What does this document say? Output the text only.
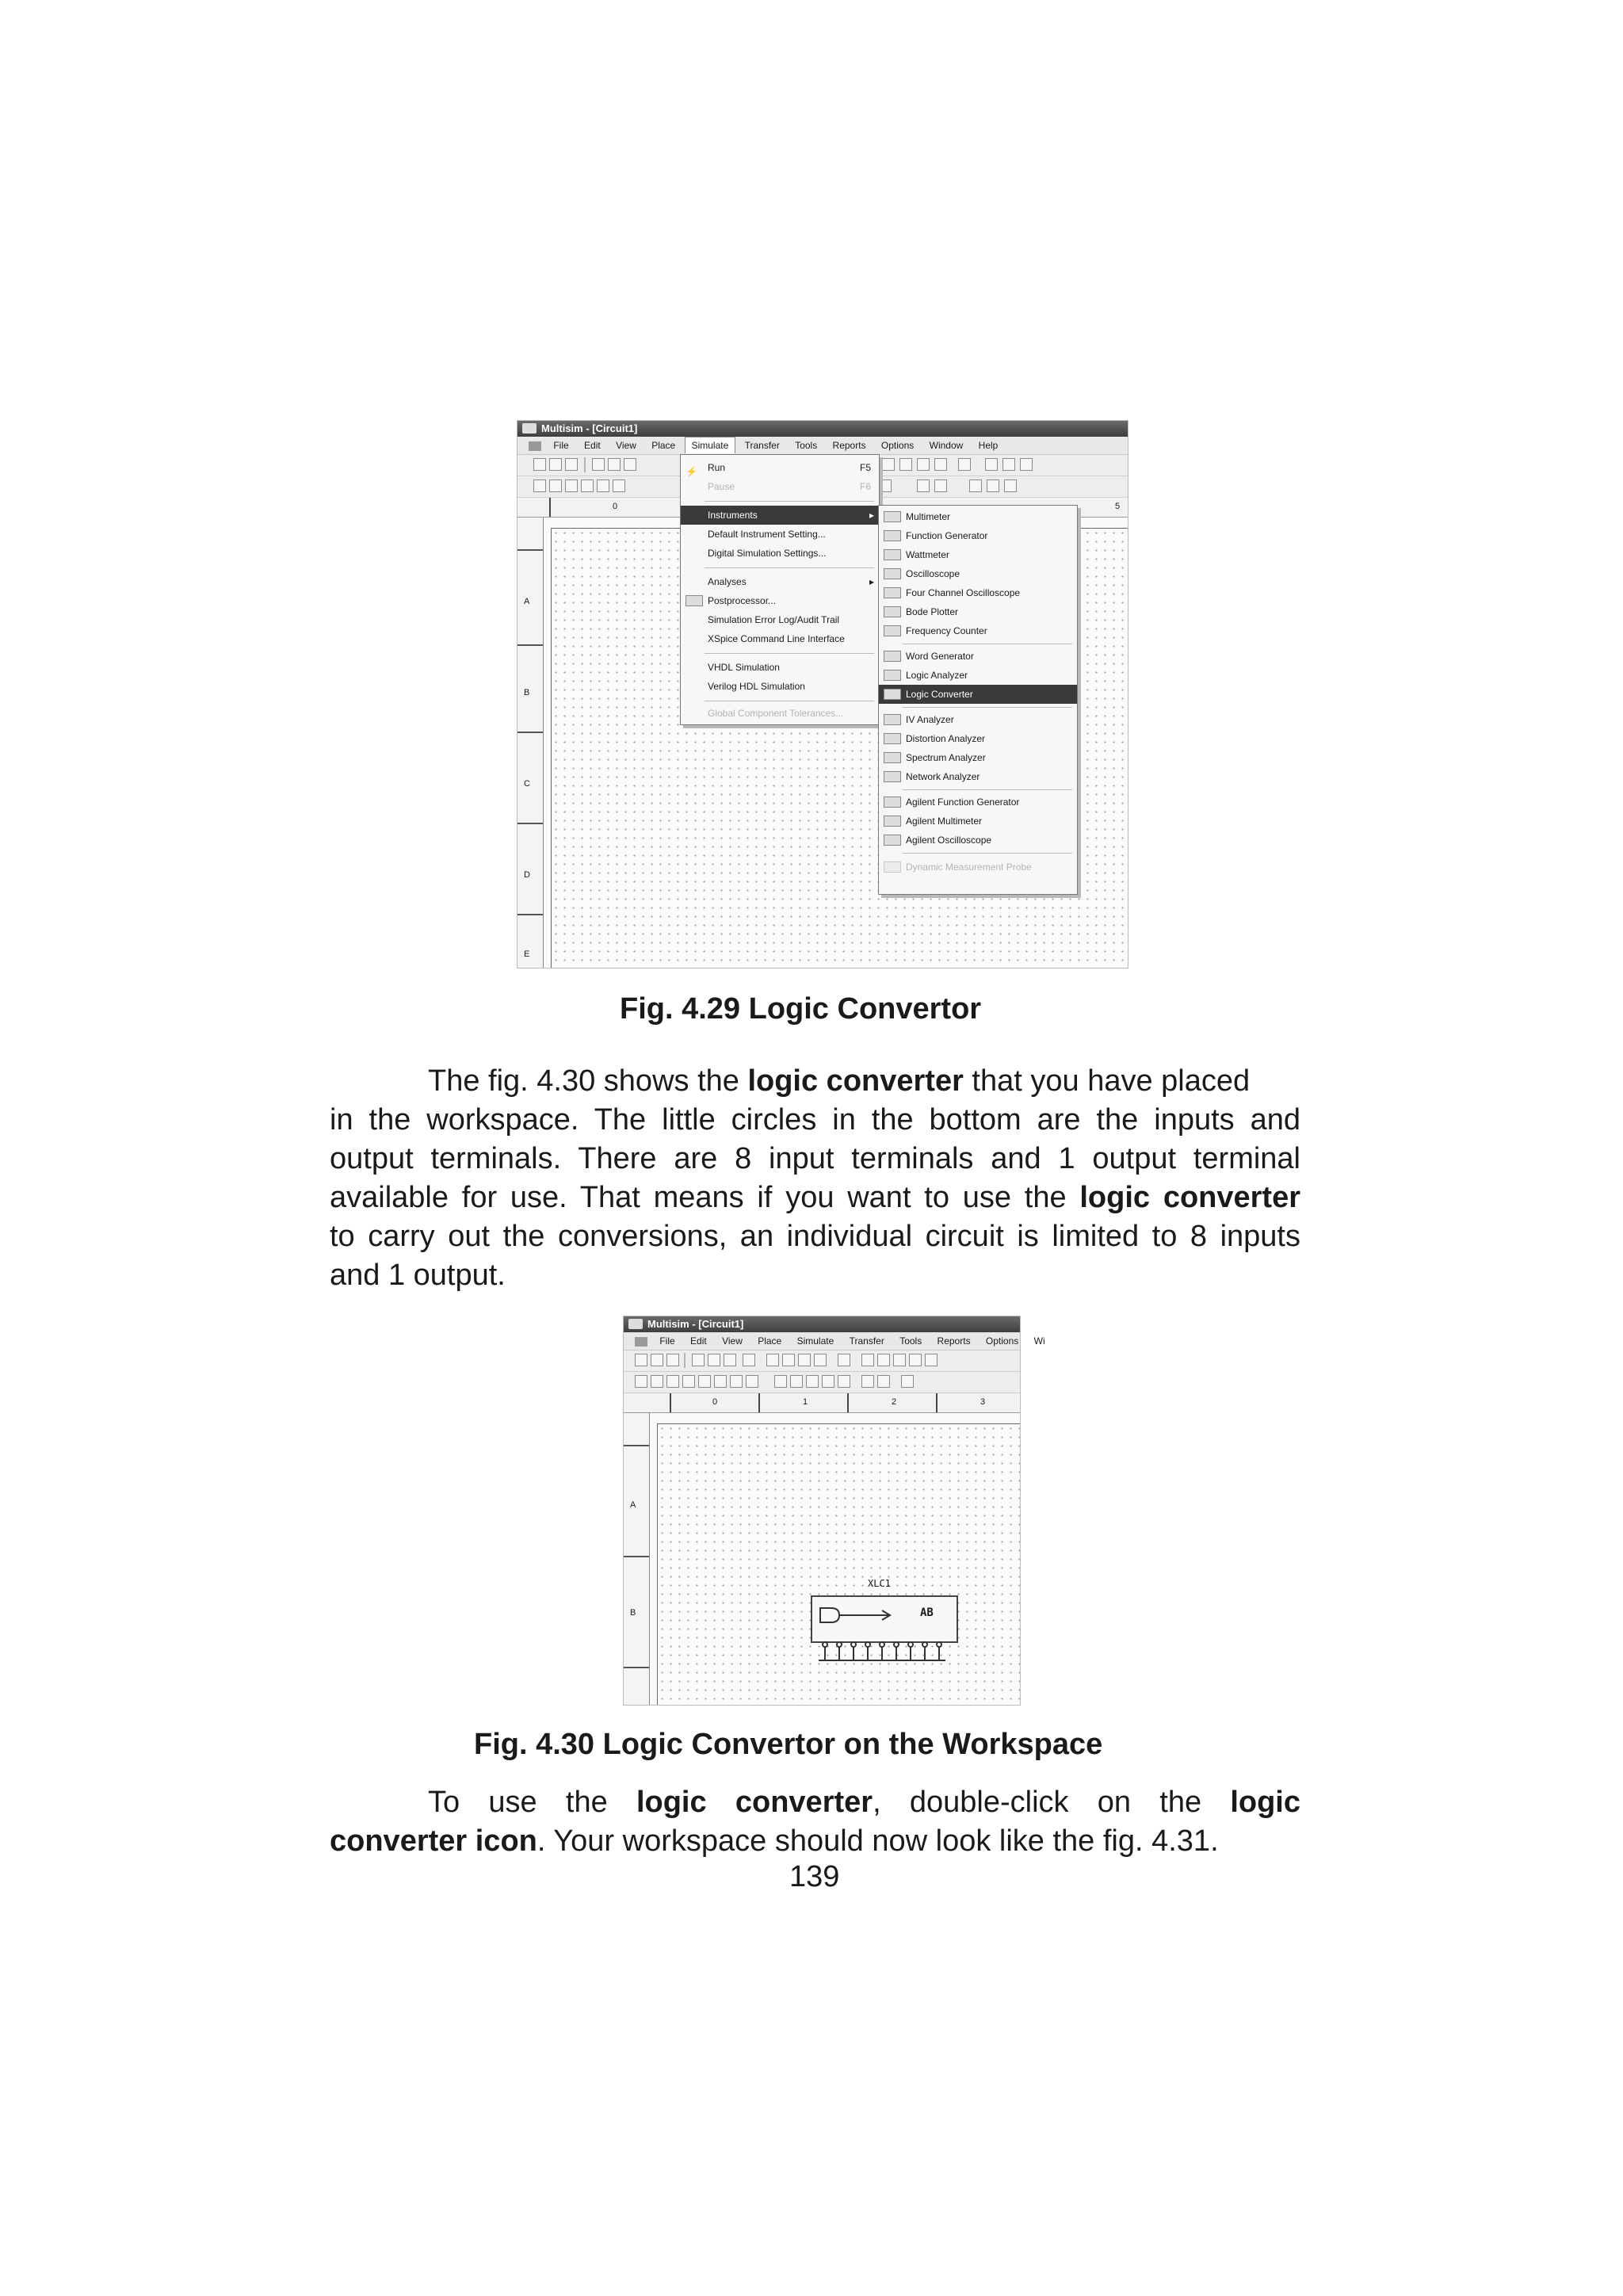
Multisim - [Circuit1]
File Edit View Place Simulate Transfer Tools Reports Options Window Help
0	5
A
B
C
D
E
⚡	Run	F5
Pause	F6
Instruments	▸
Default Instrument Setting...
Digital Simulation Settings...
Analyses	▸
Postprocessor...
Simulation Error Log/Audit Trail
XSpice Command Line Interface
VHDL Simulation
Verilog HDL Simulation
Global Component Tolerances...
Multimeter
Function Generator
Wattmeter
Oscilloscope
Four Channel Oscilloscope
Bode Plotter
Frequency Counter
Word Generator
Logic Analyzer
Logic Converter
IV Analyzer
Distortion Analyzer
Spectrum Analyzer
Network Analyzer
Agilent Function Generator
Agilent Multimeter
Agilent Oscilloscope
Dynamic Measurement Probe
Fig. 4.29 Logic Convertor
The fig. 4.30 shows the logic converter that you have placed
in the workspace. The little circles in the bottom are the inputs and
output terminals. There are 8 input terminals and 1 output terminal
available for use. That means if you want to use the logic converter
to carry out the conversions, an individual circuit is limited to 8 inputs
and 1 output.
Multisim - [Circuit1]
File Edit View Place Simulate Transfer Tools Reports Options Wi
0	1	2	3
A
B
XLC1
AB
Fig. 4.30 Logic Convertor on the Workspace
To use the logic converter, double-click on the logic
converter icon. Your workspace should now look like the fig. 4.31.
139
